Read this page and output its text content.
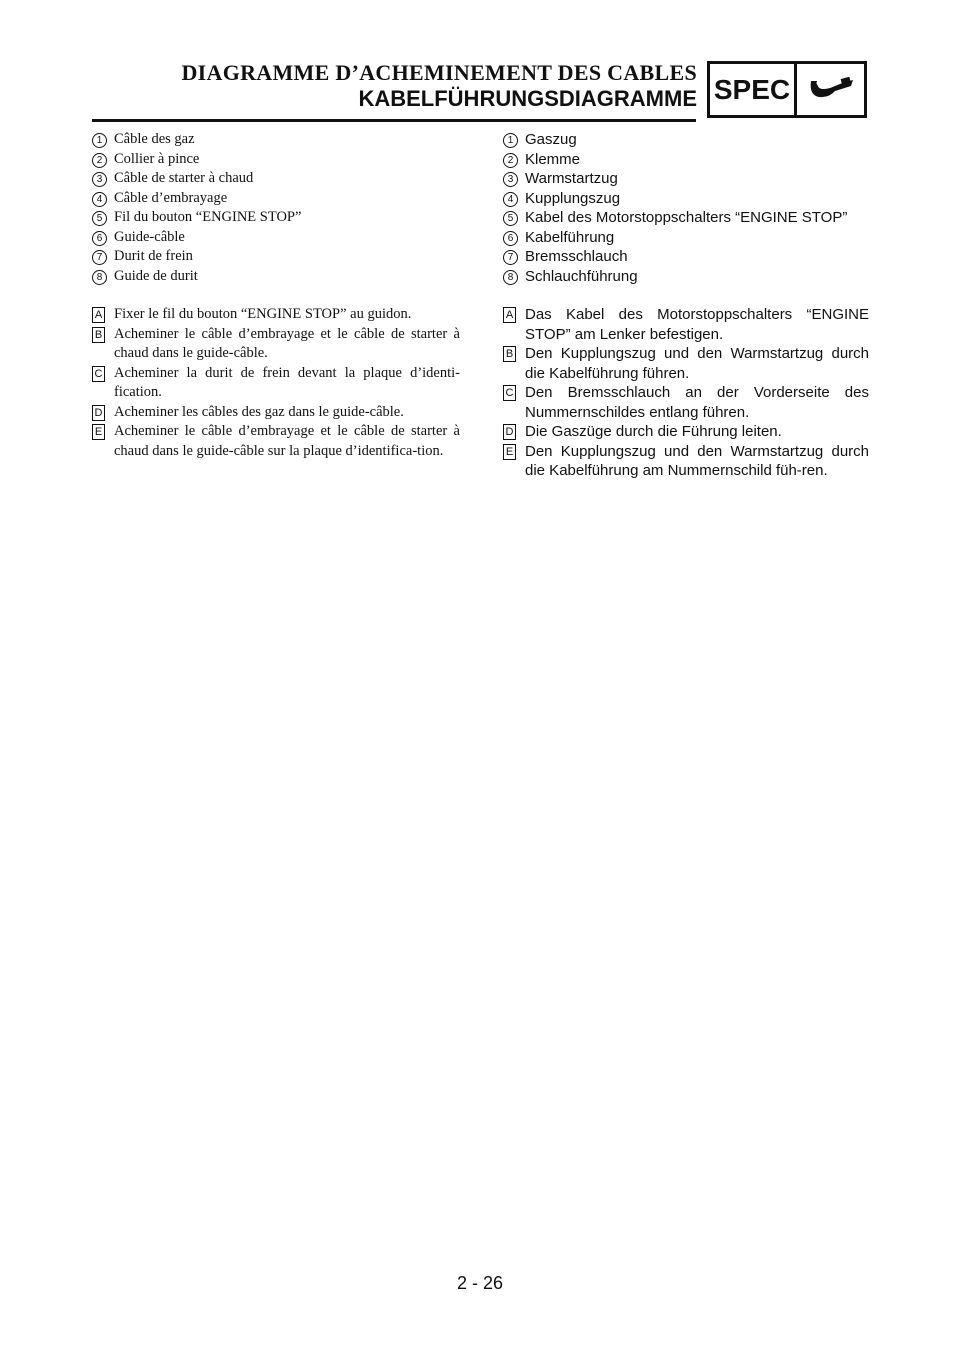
DIAGRAMME D’ACHEMINEMENT DES CABLES
KABELFÜHRUNGSDIAGRAMME SPEC
1 Câble des gaz
2 Collier à pince
3 Câble de starter à chaud
4 Câble d’embrayage
5 Fil du bouton “ENGINE STOP”
6 Guide-câble
7 Durit de frein
8 Guide de durit
A Fixer le fil du bouton “ENGINE STOP” au guidon.
B Acheminer le câble d’embrayage et le câble de starter à chaud dans le guide-câble.
C Acheminer la durit de frein devant la plaque d’identi-fication.
D Acheminer les câbles des gaz dans le guide-câble.
E Acheminer le câble d’embrayage et le câble de starter à chaud dans le guide-câble sur la plaque d’identifica-tion.
1 Gaszug
2 Klemme
3 Warmstartzug
4 Kupplungszug
5 Kabel des Motorstoppschalters “ENGINE STOP”
6 Kabelführung
7 Bremsschlauch
8 Schlauchführung
A Das Kabel des Motorstoppschalters “ENGINE STOP” am Lenker befestigen.
B Den Kupplungszug und den Warmstartzug durch die Kabelführung führen.
C Den Bremsschlauch an der Vorderseite des Nummernschildes entlang führen.
D Die Gaszüge durch die Führung leiten.
E Den Kupplungszug und den Warmstartzug durch die Kabelführung am Nummernschild füh-ren.
2 - 26
